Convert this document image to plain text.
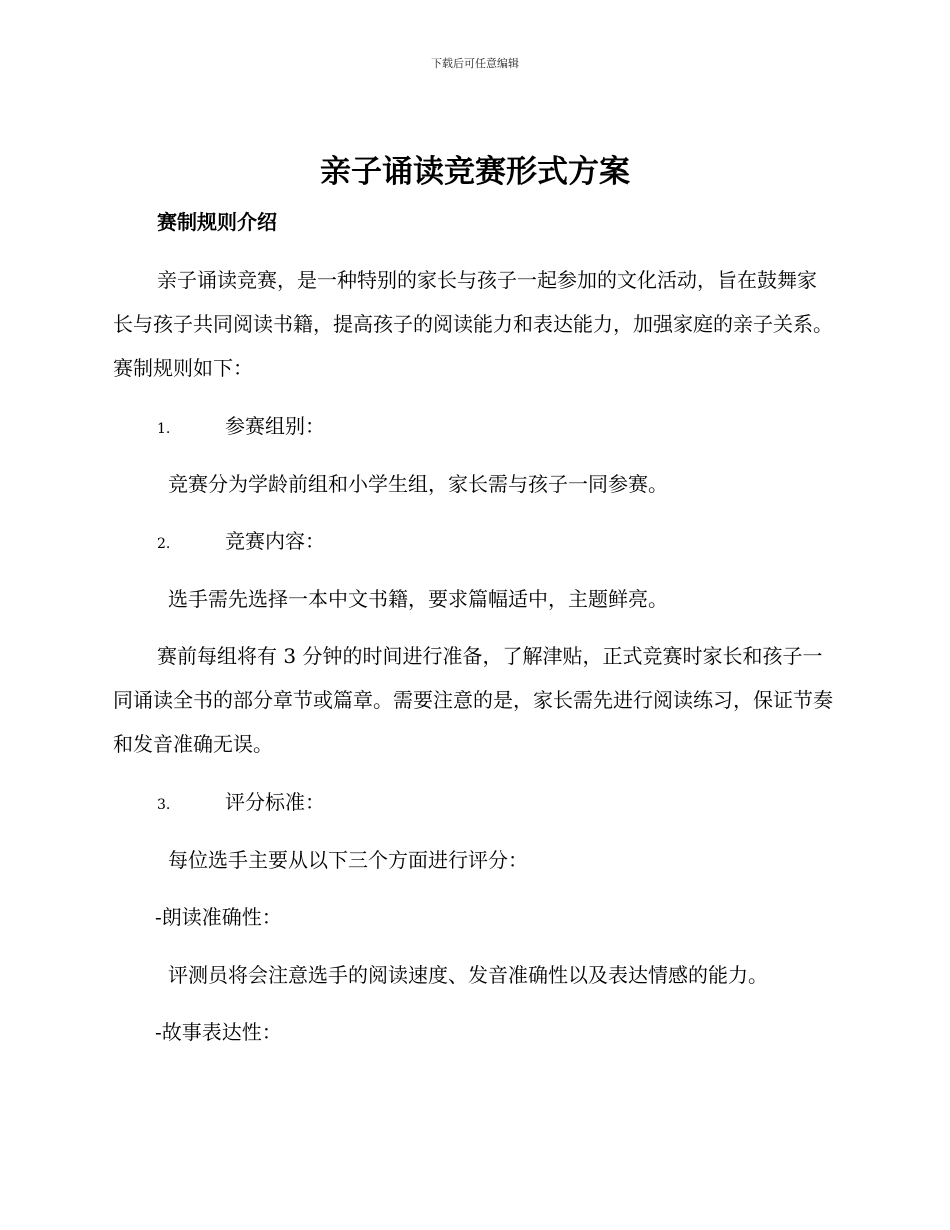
下载后可任意编辑
亲子诵读竞赛形式方案
赛制规则介绍
亲子诵读竞赛，是一种特别的家长与孩子一起参加的文化活动，旨在鼓舞家长与孩子共同阅读书籍，提高孩子的阅读能力和表达能力，加强家庭的亲子关系。赛制规则如下：
1.	参赛组别：
竞赛分为学龄前组和小学生组，家长需与孩子一同参赛。
2.	竞赛内容：
选手需先选择一本中文书籍，要求篇幅适中，主题鲜亮。
赛前每组将有 3 分钟的时间进行准备，了解津贴，正式竞赛时家长和孩子一同诵读全书的部分章节或篇章。需要注意的是，家长需先进行阅读练习，保证节奏和发音准确无误。
3.	评分标准：
每位选手主要从以下三个方面进行评分：
-朗读准确性：
评测员将会注意选手的阅读速度、发音准确性以及表达情感的能力。
-故事表达性：
